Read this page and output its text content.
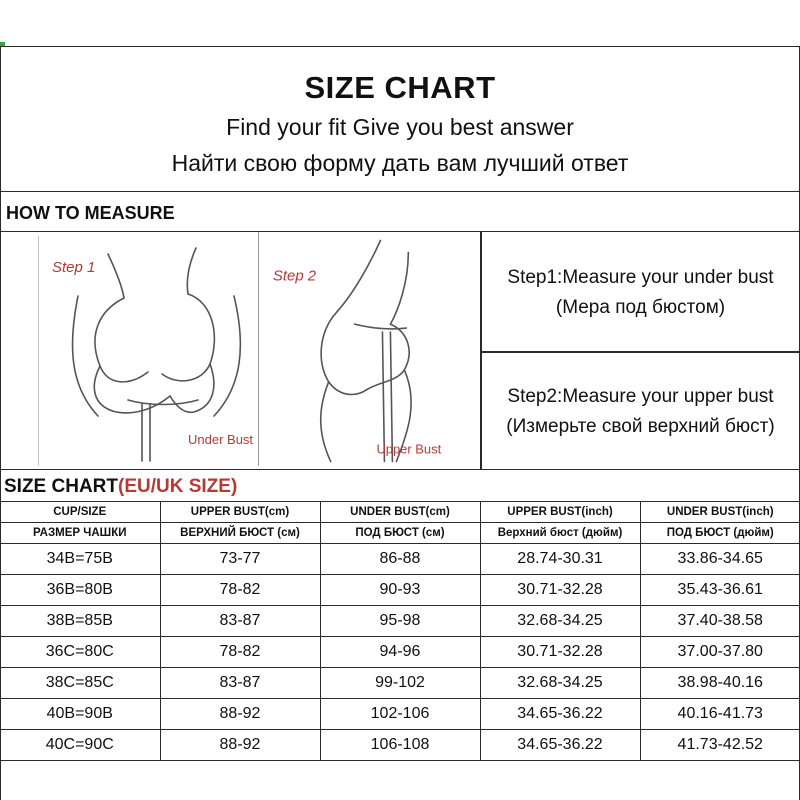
SIZE CHART
Find your fit Give you best answer
Найти свою форму дать вам лучший ответ
HOW TO MEASURE
Step 1
Under Bust
Step 2
Upper Bust
Step1:Measure your under bust
(Мера под бюстом)
Step2:Measure your upper bust
(Измерьте свой верхний бюст)
SIZE CHART(EU/UK SIZE)
CUP/SIZE	UPPER BUST(cm)	UNDER BUST(cm)	UPPER BUST(inch)	UNDER BUST(inch)
РАЗМЕР ЧАШКИ	ВЕРХНИЙ БЮСТ (см)	ПОД БЮСТ (см)	Верхний бюст (дюйм)	ПОД БЮСТ (дюйм)
34B=75B	73-77	86-88	28.74-30.31	33.86-34.65
36B=80B	78-82	90-93	30.71-32.28	35.43-36.61
38B=85B	83-87	95-98	32.68-34.25	37.40-38.58
36C=80C	78-82	94-96	30.71-32.28	37.00-37.80
38C=85C	83-87	99-102	32.68-34.25	38.98-40.16
40B=90B	88-92	102-106	34.65-36.22	40.16-41.73
40C=90C	88-92	106-108	34.65-36.22	41.73-42.52
